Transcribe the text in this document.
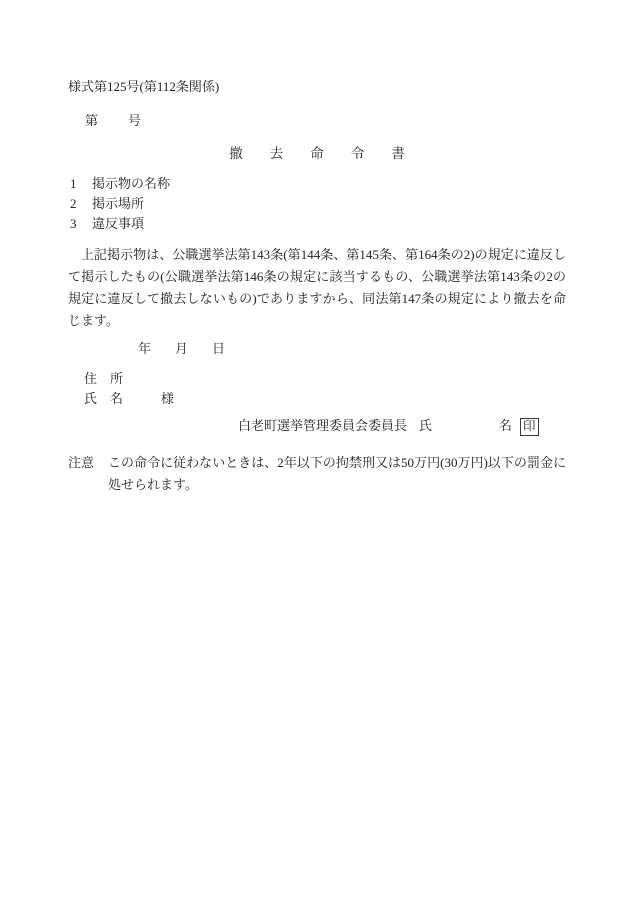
様式第125号(第112条関係)
第 号
撤去命令書
1 掲示物の名称
2 掲示場所
3 違反事項
上記掲示物は、公職選挙法第143条(第144条、第145条、第164条の2)の規定に違反して掲示したもの(公職選挙法第146条の規定に該当するもの、公職選挙法第143条の2の規定に違反して撤去しないもの)でありますから、同法第147条の規定により撤去を命じます。
年 月 日
住　所
氏　名	様
白老町選挙管理委員会委員長 氏	名 印
注意	この命令に従わないときは、2年以下の拘禁刑又は50万円(30万円)以下の罰金に処せられます。
